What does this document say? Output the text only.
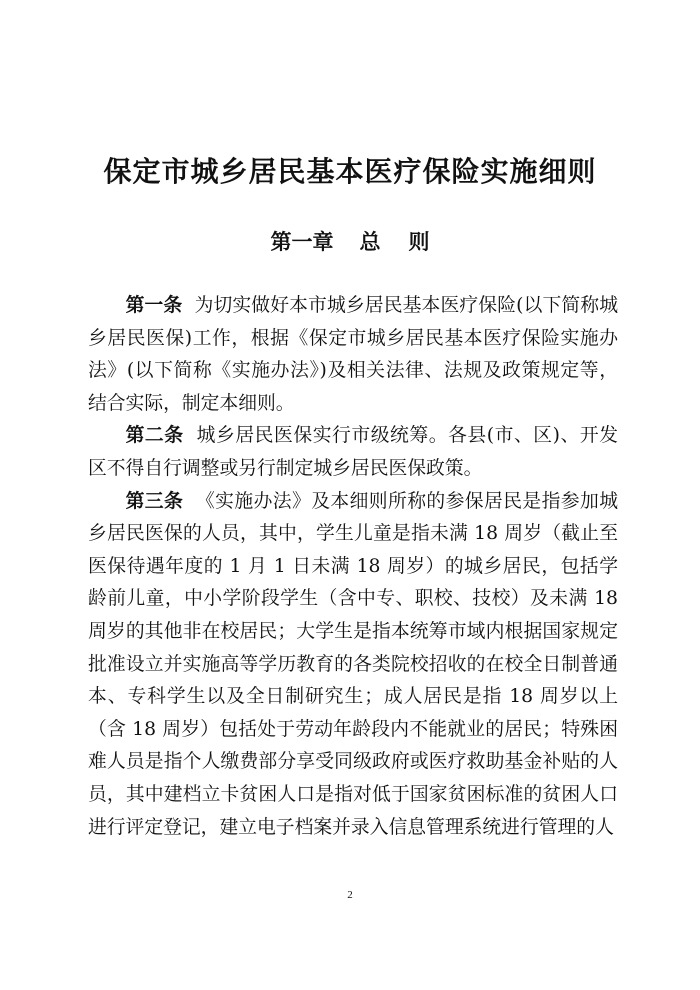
保定市城乡居民基本医疗保险实施细则
第一章 总 则

第一条 为切实做好本市城乡居民基本医疗保险(以下简称城乡居民医保)工作，根据《保定市城乡居民基本医疗保险实施办法》(以下简称《实施办法》)及相关法律、法规及政策规定等，结合实际，制定本细则。

第二条 城乡居民医保实行市级统筹。各县(市、区)、开发区不得自行调整或另行制定城乡居民医保政策。

第三条 《实施办法》及本细则所称的参保居民是指参加城乡居民医保的人员，其中，学生儿童是指未满 18 周岁（截止至医保待遇年度的 1 月 1 日未满 18 周岁）的城乡居民，包括学龄前儿童，中小学阶段学生（含中专、职校、技校）及未满 18 周岁的其他非在校居民；大学生是指本统筹市域内根据国家规定批准设立并实施高等学历教育的各类院校招收的在校全日制普通本、专科学生以及全日制研究生；成人居民是指 18 周岁以上（含 18 周岁）包括处于劳动年龄段内不能就业的居民；特殊困难人员是指个人缴费部分享受同级政府或医疗救助基金补贴的人员，其中建档立卡贫困人口是指对低于国家贫困标准的贫困人口进行评定登记，建立电子档案并录入信息管理系统进行管理的人

2
